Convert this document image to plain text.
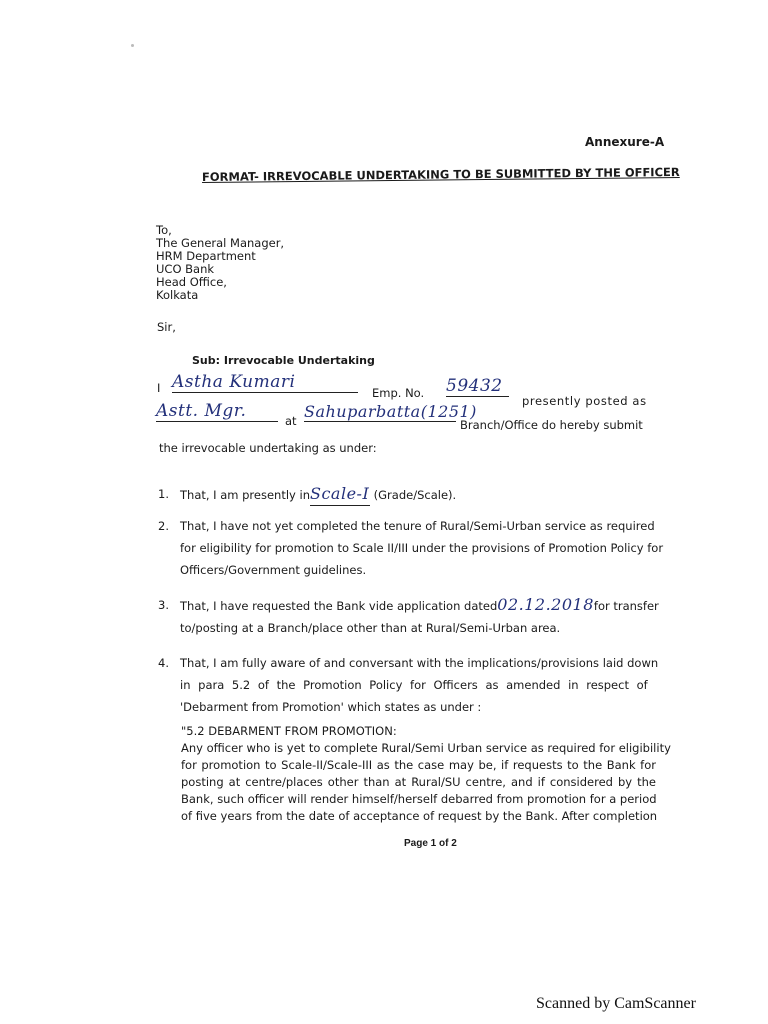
Annexure-A
FORMAT- IRREVOCABLE UNDERTAKING TO BE SUBMITTED BY THE OFFICER
To,
The General Manager,
HRM Department
UCO Bank
Head Office,
Kolkata
Sir,
Sub: Irrevocable Undertaking
I Astha Kumari
Emp. No. 59432
presently posted as
Astt. Mgr.	at Sahuparbatta(1251)
Branch/Office do hereby submit
the irrevocable undertaking as under:
1. That, I am presently inScale-I (Grade/Scale).
2. That, I have not yet completed the tenure of Rural/Semi-Urban service as required
for eligibility for promotion to Scale II/III under the provisions of Promotion Policy for
Officers/Government guidelines.
3. That, I have requested the Bank vide application dated02.12.2018for transfer
to/posting at a Branch/place other than at Rural/Semi-Urban area.
4. That, I am fully aware of and conversant with the implications/provisions laid down
in para 5.2 of the Promotion Policy for Officers as amended in respect of
'Debarment from Promotion' which states as under :
"5.2 DEBARMENT FROM PROMOTION:
Any officer who is yet to complete Rural/Semi Urban service as required for eligibility
for promotion to Scale-II/Scale-III as the case may be, if requests to the Bank for
posting at centre/places other than at Rural/SU centre, and if considered by the
Bank, such officer will render himself/herself debarred from promotion for a period
of five years from the date of acceptance of request by the Bank. After completion
Page 1 of 2
Scanned by CamScanner
